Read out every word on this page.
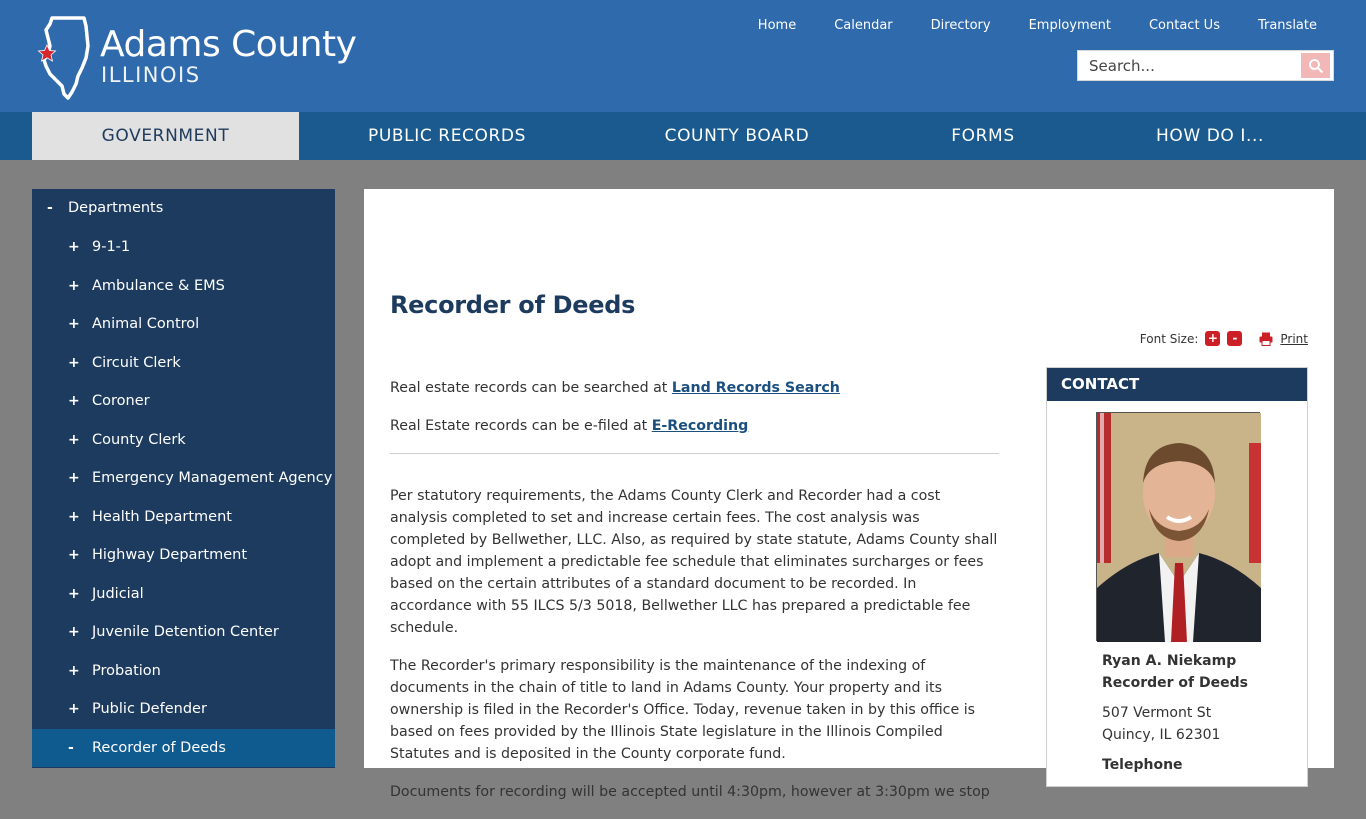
Adams County
ILLINOIS
Home	Calendar	Directory	Employment	Contact Us	Translate
Search...
GOVERNMENT	PUBLIC RECORDS	COUNTY BOARD	FORMS	HOW DO I...
- Departments
+ 9-1-1
+ Ambulance & EMS
+ Animal Control
+ Circuit Clerk
+ Coroner
+ County Clerk
+ Emergency Management Agency
+ Health Department
+ Highway Department
+ Judicial
+ Juvenile Detention Center
+ Probation
+ Public Defender
- Recorder of Deeds
Recorder of Deeds
Font Size: +	-	Print

Real estate records can be searched at Land Records Search

Real Estate records can be e-filed at E-Recording

Per statutory requirements, the Adams County Clerk and Recorder had a cost analysis completed to set and increase certain fees. The cost analysis was completed by Bellwether, LLC. Also, as required by state statute, Adams County shall adopt and implement a predictable fee schedule that eliminates surcharges or fees based on the certain attributes of a standard document to be recorded. In accordance with 55 ILCS 5/3 5018, Bellwether LLC has prepared a predictable fee schedule.

The Recorder's primary responsibility is the maintenance of the indexing of documents in the chain of title to land in Adams County. Your property and its ownership is filed in the Recorder's Office. Today, revenue taken in by this office is based on fees provided by the Illinois State legislature in the Illinois Compiled Statutes and is deposited in the County corporate fund.

Documents for recording will be accepted until 4:30pm, however at 3:30pm we stop

CONTACT
Ryan A. Niekamp
Recorder of Deeds
507 Vermont St
Quincy, IL 62301
Telephone
